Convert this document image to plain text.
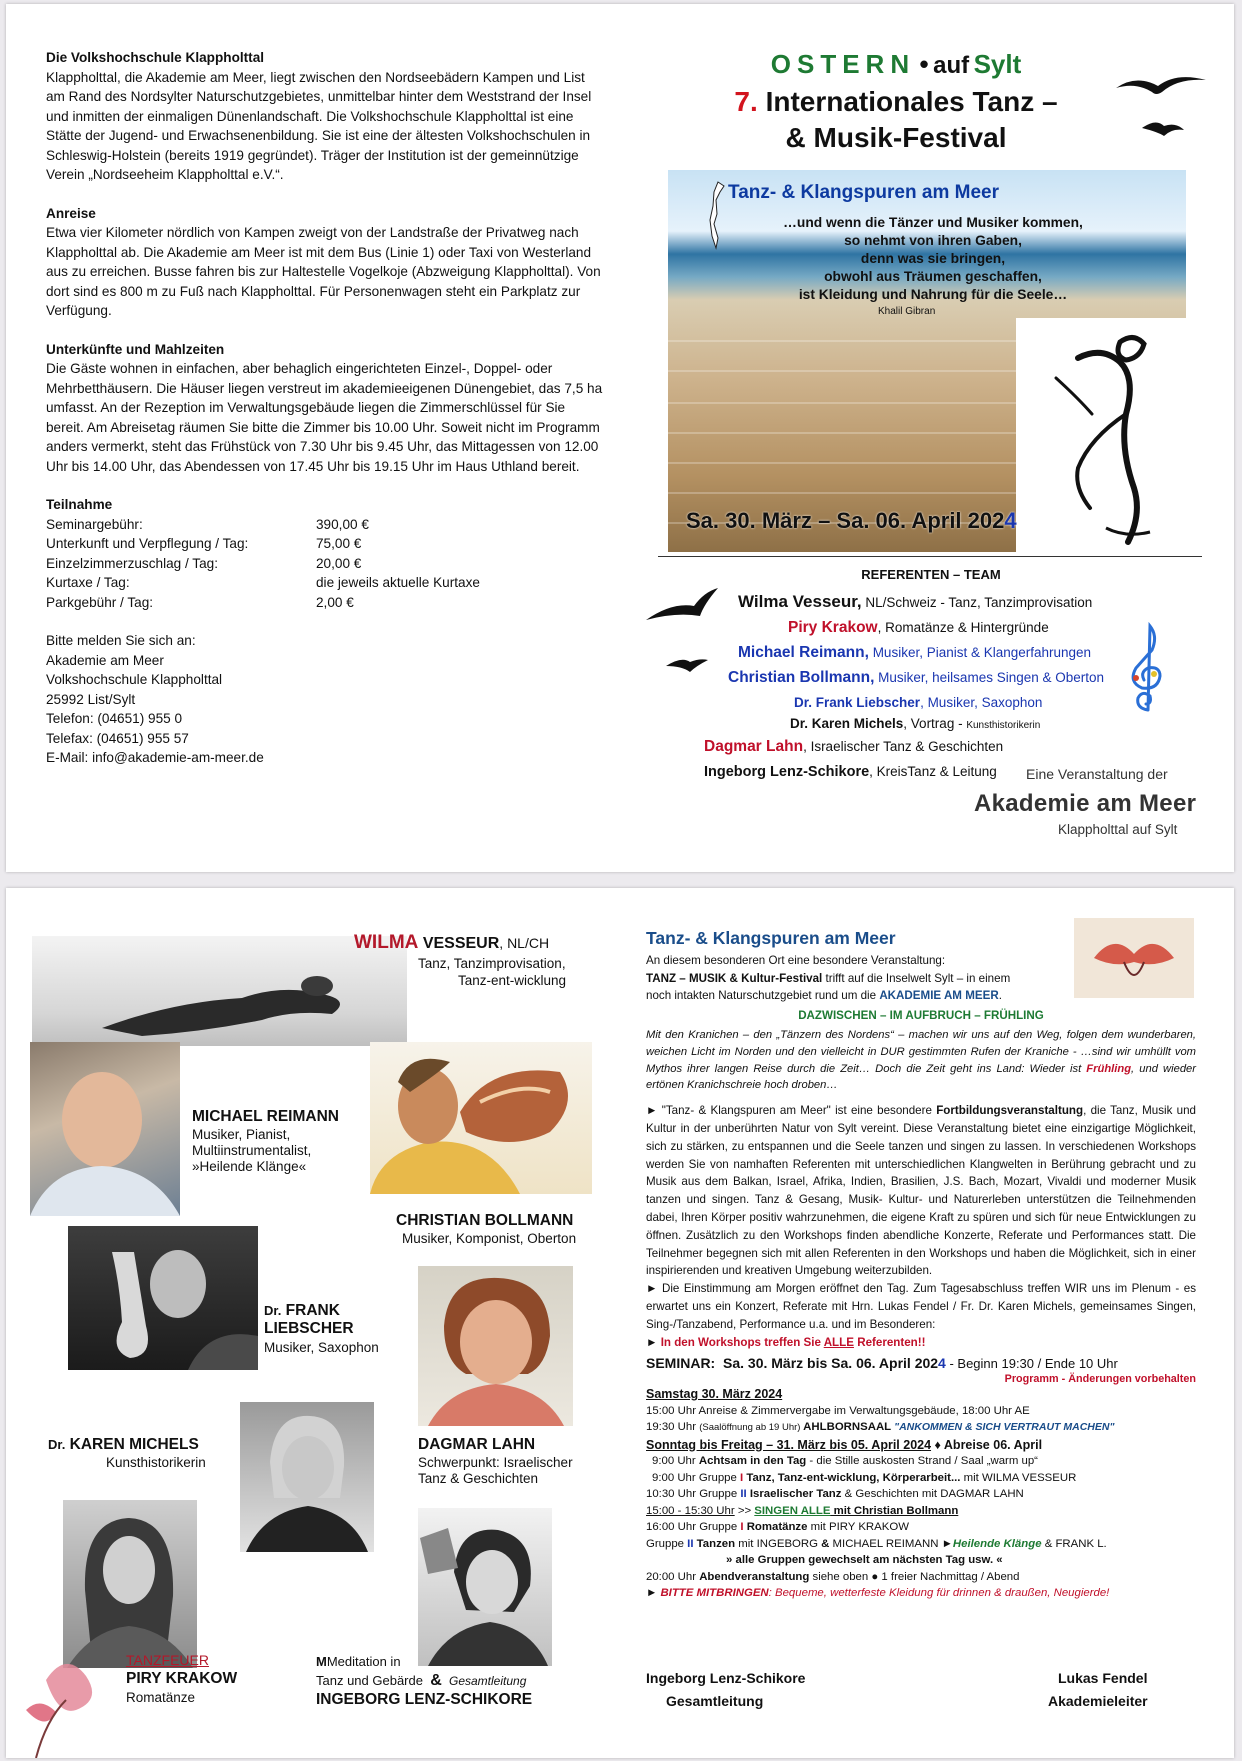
Die Volkshochschule Klappholttal

Klappholttal, die Akademie am Meer, liegt zwischen den Nordseebädern Kampen und List am Rand des Nordsylter Naturschutzgebietes, unmittelbar hinter dem Weststrand der Insel und inmitten der einmaligen Dünenlandschaft. Die Volkshochschule Klappholttal ist eine Stätte der Jugend- und Erwachsenenbildung. Sie ist eine der ältesten Volkshochschulen in Schleswig-Holstein (bereits 1919 gegründet). Träger der Institution ist der gemeinnützige Verein „Nordseeheim Klappholttal e.V.“.

Anreise

Etwa vier Kilometer nördlich von Kampen zweigt von der Landstraße der Privatweg nach Klappholttal ab. Die Akademie am Meer ist mit dem Bus (Linie 1) oder Taxi von Westerland aus zu erreichen. Busse fahren bis zur Haltestelle Vogelkoje (Abzweigung Klappholttal). Von dort sind es 800 m zu Fuß nach Klappholttal. Für Personenwagen steht ein Parkplatz zur Verfügung.

Unterkünfte und Mahlzeiten

Die Gäste wohnen in einfachen, aber behaglich eingerichteten Einzel-, Doppel- oder Mehrbetthäusern. Die Häuser liegen verstreut im akademieeigenen Dünengebiet, das 7,5 ha umfasst. An der Rezeption im Verwaltungsgebäude liegen die Zimmerschlüssel für Sie bereit. Am Abreisetag räumen Sie bitte die Zimmer bis 10.00 Uhr. Soweit nicht im Programm anders vermerkt, steht das Frühstück von 7.30 Uhr bis 9.45 Uhr, das Mittagessen von 12.00 Uhr bis 14.00 Uhr, das Abendessen von 17.45 Uhr bis 19.15 Uhr im Haus Uthland bereit.

Teilnahme
Seminargebühr:	390,00 €
Unterkunft und Verpflegung / Tag:	75,00 €
Einzelzimmerzuschlag / Tag:	20,00 €
Kurtaxe / Tag:	die jeweils aktuelle Kurtaxe
Parkgebühr / Tag:	2,00 €
Bitte melden Sie sich an:
Akademie am Meer
Volkshochschule Klappholttal
25992 List/Sylt
Telefon: (04651) 955 0
Telefax: (04651) 955 57
E-Mail: info@akademie-am-meer.de
OSTERN • auf Sylt
7. Internationales Tanz –
& Musik-Festival
Tanz- & Klangspuren am Meer
…und wenn die Tänzer und Musiker kommen,
so nehmt von ihren Gaben,
denn was sie bringen,
obwohl aus Träumen geschaffen,
ist Kleidung und Nahrung für die Seele…
Khalil Gibran
Sa. 30. März – Sa. 06. April 2024
REFERENTEN – TEAM
Wilma Vesseur, NL/Schweiz - Tanz, Tanzimprovisation
Piry Krakow, Romatänze & Hintergründe
Michael Reimann, Musiker, Pianist & Klangerfahrungen
Christian Bollmann, Musiker, heilsames Singen & Oberton
Dr. Frank Liebscher, Musiker, Saxophon
Dr. Karen Michels, Vortrag - Kunsthistorikerin
Dagmar Lahn, Israelischer Tanz & Geschichten
Ingeborg Lenz-Schikore, KreisTanz & Leitung	Eine Veranstaltung der
Akademie am Meer
Klappholttal auf Sylt
WILMA VESSEUR, NL/CH
Tanz, Tanzimprovisation,
Tanz-ent-wicklung
MICHAEL REIMANN
Musiker, Pianist,
Multiinstrumentalist,
»Heilende Klänge«
CHRISTIAN BOLLMANN
Musiker, Komponist, Oberton
Dr. FRANK
LIEBSCHER
Musiker, Saxophon
DAGMAR LAHN
Schwerpunkt: Israelischer
Tanz & Geschichten
Dr. KAREN MICHELS
Kunsthistorikerin
TANZFEUER
PIRY KRAKOW
Romatänze
MMeditation in
Tanz und Gebärde & Gesamtleitung
INGEBORG LENZ-SCHIKORE
Tanz- & Klangspuren am Meer

An diesem besonderen Ort eine besondere Veranstaltung:

TANZ – MUSIK & Kultur-Festival trifft auf die Inselwelt Sylt – in einem

noch intakten Naturschutzgebiet rund um die AKADEMIE AM MEER.

DAZWISCHEN – IM AUFBRUCH – FRÜHLING

Mit den Kranichen – den „Tänzern des Nordens“ – machen wir uns auf den Weg, folgen dem wunderbaren, weichen Licht im Norden und den vielleicht in DUR gestimmten Rufen der Kraniche - …sind wir umhüllt vom Mythos ihrer langen Reise durch die Zeit… Doch die Zeit geht ins Land: Wieder ist Frühling, und wieder ertönen Kranichschreie hoch droben…

► "Tanz- & Klangspuren am Meer" ist eine besondere Fortbildungsveranstaltung, die Tanz, Musik und Kultur in der unberührten Natur von Sylt vereint. Diese Veranstaltung bietet eine einzigartige Möglichkeit, sich zu stärken, zu entspannen und die Seele tanzen und singen zu lassen. In verschiedenen Workshops werden Sie von namhaften Referenten mit unterschiedlichen Klangwelten in Berührung gebracht und zu Musik aus dem Balkan, Israel, Afrika, Indien, Brasilien, J.S. Bach, Mozart, Vivaldi und moderner Musik tanzen und singen. Tanz & Gesang, Musik- Kultur- und Naturerleben unterstützen die Teilnehmenden dabei, Ihren Körper positiv wahrzunehmen, die eigene Kraft zu spüren und sich für neue Entwicklungen zu öffnen. Zusätzlich zu den Workshops finden abendliche Konzerte, Referate und Performances statt. Die Teilnehmer begegnen sich mit allen Referenten in den Workshops und haben die Möglichkeit, sich in einer inspirierenden und kreativen Umgebung weiterzubilden.

► Die Einstimmung am Morgen eröffnet den Tag. Zum Tagesabschluss treffen WIR uns im Plenum - es erwartet uns ein Konzert, Referate mit Hrn. Lukas Fendel / Fr. Dr. Karen Michels, gemeinsames Singen, Sing-/Tanzabend, Performance u.a. und im Besonderen:

► In den Workshops treffen Sie ALLE Referenten!!

SEMINAR: Sa. 30. März bis Sa. 06. April 2024 - Beginn 19:30 / Ende 10 Uhr

Programm - Änderungen vorbehalten

Samstag 30. März 2024
15:00 Uhr Anreise & Zimmervergabe im Verwaltungsgebäude, 18:00 Uhr AE
19:30 Uhr (Saalöffnung ab 19 Uhr) AHLBORNSAAL "ANKOMMEN & SICH VERTRAUT MACHEN"
Sonntag bis Freitag – 31. März bis 05. April 2024 ♦ Abreise 06. April
9:00 Uhr Achtsam in den Tag - die Stille auskosten Strand / Saal „warm up“
9:00 Uhr Gruppe I Tanz, Tanz-ent-wicklung, Körperarbeit... mit WILMA VESSEUR
10:30 Uhr Gruppe II Israelischer Tanz & Geschichten mit DAGMAR LAHN
15:00 - 15:30 Uhr >> SINGEN ALLE mit Christian Bollmann
16:00 Uhr Gruppe I Romatänze mit PIRY KRAKOW
Gruppe II Tanzen mit INGEBORG & MICHAEL REIMANN ►Heilende Klänge & FRANK L.
» alle Gruppen gewechselt am nächsten Tag usw. «
20:00 Uhr Abendveranstaltung siehe oben ● 1 freier Nachmittag / Abend
► BITTE MITBRINGEN: Bequeme, wetterfeste Kleidung für drinnen & draußen, Neugierde!
Ingeborg Lenz-Schikore
Gesamtleitung
Lukas Fendel
Akademieleiter
